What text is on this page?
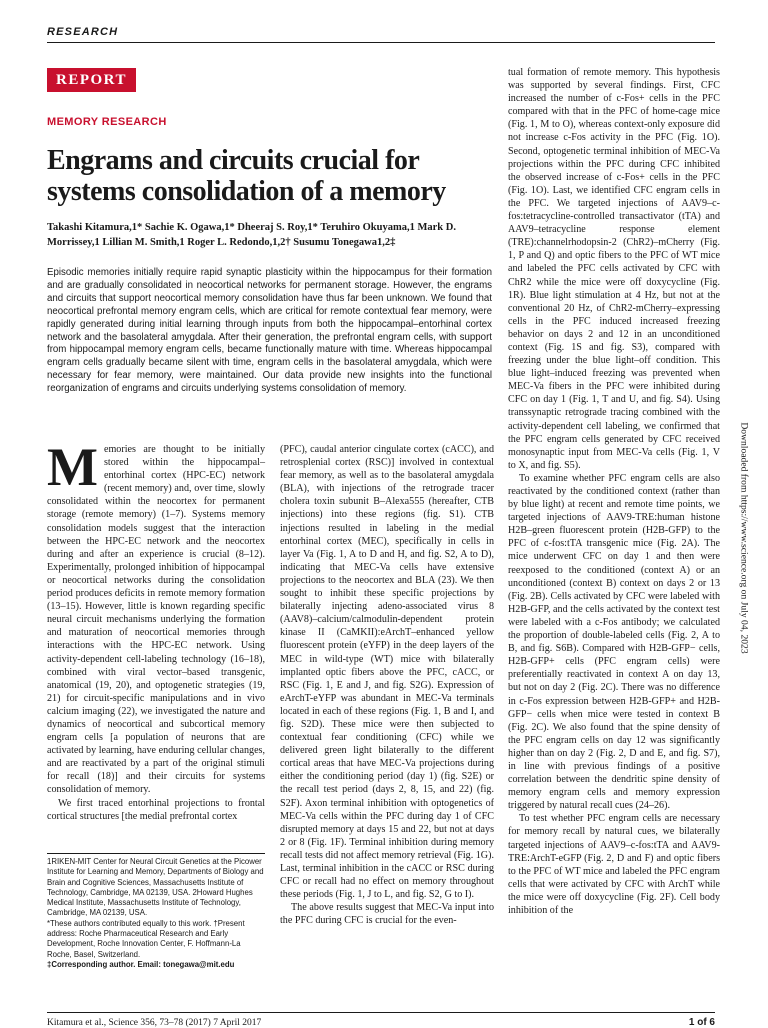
RESEARCH
REPORT
MEMORY RESEARCH
Engrams and circuits crucial for systems consolidation of a memory
Takashi Kitamura,1* Sachie K. Ogawa,1* Dheeraj S. Roy,1* Teruhiro Okuyama,1 Mark D. Morrissey,1 Lillian M. Smith,1 Roger L. Redondo,1,2† Susumu Tonegawa1,2‡
Episodic memories initially require rapid synaptic plasticity within the hippocampus for their formation and are gradually consolidated in neocortical networks for permanent storage. However, the engrams and circuits that support neocortical memory consolidation have thus far been unknown. We found that neocortical prefrontal memory engram cells, which are critical for remote contextual fear memory, were rapidly generated during initial learning through inputs from both the hippocampal–entorhinal cortex network and the basolateral amygdala. After their generation, the prefrontal engram cells, with support from hippocampal memory engram cells, became functionally mature with time. Whereas hippocampal engram cells gradually became silent with time, engram cells in the basolateral amygdala, which were necessary for fear memory, were maintained. Our data provide new insights into the functional reorganization of engrams and circuits underlying systems consolidation of memory.

Memories are thought to be initially stored within the hippocampal–entorhinal cortex (HPC-EC) network (recent memory) and, over time, slowly consolidated within the neocortex for permanent storage (remote memory) (1–7). Systems memory consolidation models suggest that the interaction between the HPC-EC network and the neocortex during and after an experience is crucial (8–12). Experimentally, prolonged inhibition of hippocampal or neocortical networks during the consolidation period produces deficits in remote memory formation (13–15). However, little is known regarding specific neural circuit mechanisms underlying the formation and maturation of neocortical memories through interactions with the HPC-EC network. Using activity-dependent cell-labeling technology (16–18), combined with viral vector–based transgenic, anatomical (19, 20), and optogenetic strategies (19, 21) for circuit-specific manipulations and in vivo calcium imaging (22), we investigated the nature and dynamics of neocortical and subcortical memory engram cells [a population of neurons that are activated by learning, have enduring cellular changes, and are reactivated by a part of the original stimuli for recall (18)] and their circuits for systems consolidation of memory.

We first traced entorhinal projections to frontal cortical structures [the medial prefrontal cortex

1RIKEN-MIT Center for Neural Circuit Genetics at the Picower Institute for Learning and Memory, Departments of Biology and Brain and Cognitive Sciences, Massachusetts Institute of Technology, Cambridge, MA 02139, USA. 2Howard Hughes Medical Institute, Massachusetts Institute of Technology, Cambridge, MA 02139, USA.

*These authors contributed equally to this work. †Present address: Roche Pharmaceutical Research and Early Development, Roche Innovation Center, F. Hoffmann-La Roche, Basel, Switzerland.

‡Corresponding author. Email: tonegawa@mit.edu

(PFC), caudal anterior cingulate cortex (cACC), and retrosplenial cortex (RSC)] involved in contextual fear memory, as well as to the basolateral amygdala (BLA), with injections of the retrograde tracer cholera toxin subunit B–Alexa555 (hereafter, CTB injections) into these regions (fig. S1). CTB injections resulted in labeling in the medial entorhinal cortex (MEC), specifically in cells in layer Va (Fig. 1, A to D and H, and fig. S2, A to D), indicating that MEC-Va cells have extensive projections to the neocortex and BLA (23). We then sought to inhibit these specific projections by bilaterally injecting adeno-associated virus 8 (AAV8)–calcium/calmodulin-dependent protein kinase II (CaMKII):eArchT–enhanced yellow fluorescent protein (eYFP) in the deep layers of the MEC in wild-type (WT) mice with bilaterally implanted optic fibers above the PFC, cACC, or RSC (Fig. 1, E and J, and fig. S2G). Expression of eArchT-eYFP was abundant in MEC-Va terminals located in each of these regions (Fig. 1, B and I, and fig. S2D). These mice were then subjected to contextual fear conditioning (CFC) while we delivered green light bilaterally to the different cortical areas that have MEC-Va projections during either the conditioning period (day 1) (fig. S2E) or the recall test period (days 2, 8, 15, and 22) (fig. S2F). Axon terminal inhibition with optogenetics of MEC-Va cells within the PFC during day 1 of CFC disrupted memory at days 15 and 22, but not at days 2 or 8 (Fig. 1F). Terminal inhibition during memory recall tests did not affect memory retrieval (Fig. 1G). Last, terminal inhibition in the cACC or RSC during CFC or recall had no effect on memory throughout these periods (Fig. 1, J to L, and fig. S2, G to I).

The above results suggest that MEC-Va input into the PFC during CFC is crucial for the even-

tual formation of remote memory. This hypothesis was supported by several findings. First, CFC increased the number of c-Fos+ cells in the PFC compared with that in the PFC of home-cage mice (Fig. 1, M to O), whereas context-only exposure did not increase c-Fos activity in the PFC (Fig. 1O). Second, optogenetic terminal inhibition of MEC-Va projections within the PFC during CFC inhibited the observed increase of c-Fos+ cells in the PFC (Fig. 1O). Last, we identified CFC engram cells in the PFC. We targeted injections of AAV9–c-fos:tetracycline-controlled transactivator (tTA) and AAV9–tetracycline response element (TRE):channelrhodopsin-2 (ChR2)–mCherry (Fig. 1, P and Q) and optic fibers to the PFC of WT mice and labeled the PFC cells activated by CFC with ChR2 while the mice were off doxycycline (Fig. 1R). Blue light stimulation at 4 Hz, but not at the conventional 20 Hz, of ChR2-mCherry–expressing cells in the PFC induced increased freezing behavior on days 2 and 12 in an unconditioned context (Fig. 1S and fig. S3), compared with freezing under the blue light–off condition. This blue light–induced freezing was prevented when MEC-Va fibers in the PFC were inhibited during CFC on day 1 (Fig. 1, T and U, and fig. S4). Using transsynaptic retrograde tracing combined with the activity-dependent cell labeling, we confirmed that the PFC engram cells generated by CFC received monosynaptic input from MEC-Va cells (Fig. 1, V to X, and fig. S5).

To examine whether PFC engram cells are also reactivated by the conditioned context (rather than by blue light) at recent and remote time points, we targeted injections of AAV9-TRE:human histone H2B–green fluorescent protein (H2B-GFP) to the PFC of c-fos:tTA transgenic mice (Fig. 2A). The mice underwent CFC on day 1 and then were reexposed to the conditioned (context A) or an unconditioned (context B) context on days 2 or 13 (Fig. 2B). Cells activated by CFC were labeled with H2B-GFP, and the cells activated by the context test were labeled with a c-Fos antibody; we calculated the proportion of double-labeled cells (Fig. 2, A to B, and fig. S6B). Compared with H2B-GFP− cells, H2B-GFP+ cells (PFC engram cells) were preferentially reactivated in context A on day 13, but not on day 2 (Fig. 2C). There was no difference in c-Fos expression between H2B-GFP+ and H2B-GFP− cells when mice were tested in context B (Fig. 2C). We also found that the spine density of the PFC engram cells on day 12 was significantly higher than on day 2 (Fig. 2, D and E, and fig. S7), in line with previous findings of a positive correlation between the dendritic spine density of memory engram cells and memory expression triggered by natural recall cues (24–26).

To test whether PFC engram cells are necessary for memory recall by natural cues, we bilaterally targeted injections of AAV9–c-fos:tTA and AAV9-TRE:ArchT-eGFP (Fig. 2, D and F) and optic fibers to the PFC of WT mice and labeled the PFC engram cells that were activated by CFC with ArchT while the mice were off doxycycline (Fig. 2F). Cell body inhibition of the

Downloaded from https://www.science.org on July 04, 2023
Kitamura et al., Science 356, 73–78 (2017) 7 April 2017	1 of 6
